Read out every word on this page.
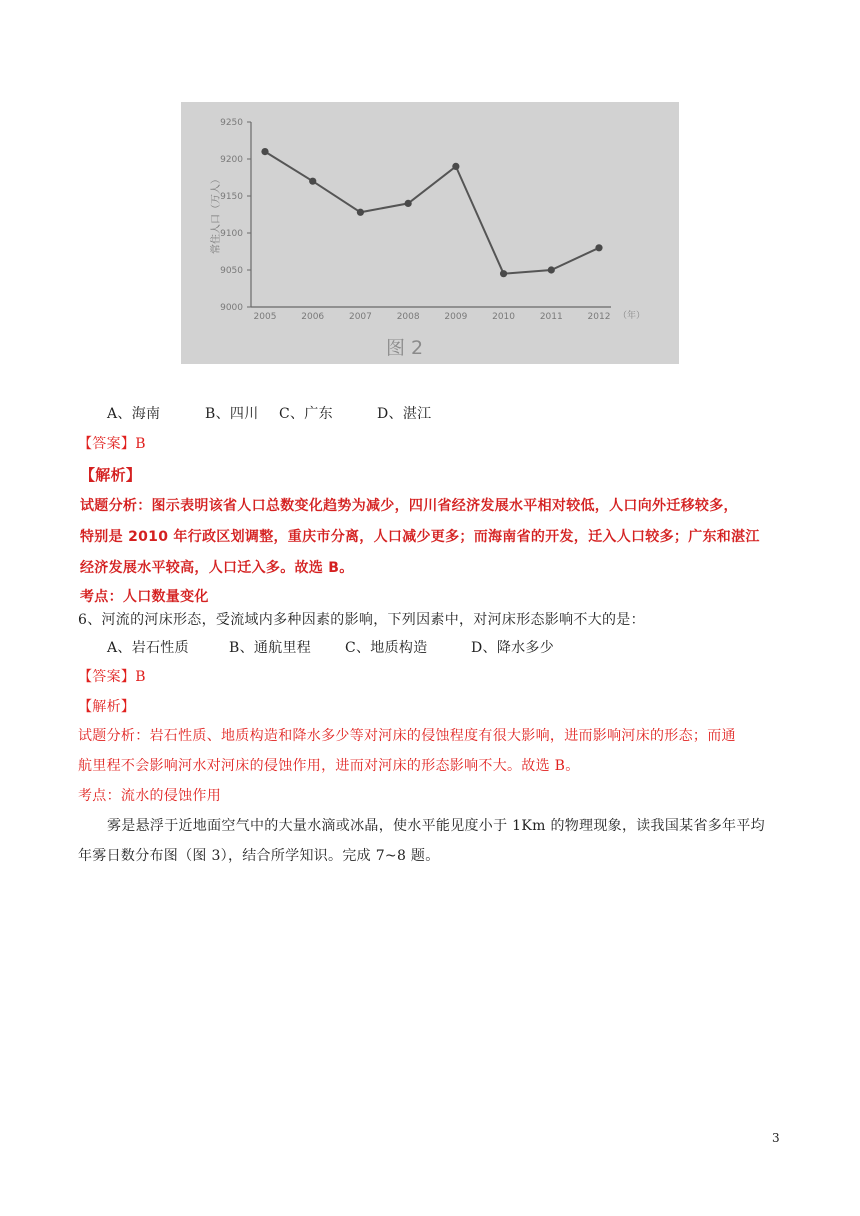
9250
9200
9150
9100
9050
9000
2005	2006	2007	2008	2009	2010	2011	2012
常住人口（万人）
（年）
图 2
A、海南	B、四川 C、广东	D、湛江
【答案】B
【解析】
试题分析：图示表明该省人口总数变化趋势为减少，四川省经济发展水平相对较低，人口向外迁移较多，
特别是 2010 年行政区划调整，重庆市分离，人口减少更多；而海南省的开发，迁入人口较多；广东和湛江
经济发展水平较高，人口迁入多。故选 B。
考点：人口数量变化
6、河流的河床形态，受流域内多种因素的影响，下列因素中，对河床形态影响不大的是：
A、岩石性质	B、通航里程 C、地质构造	D、降水多少
【答案】B
【解析】
试题分析：岩石性质、地质构造和降水多少等对河床的侵蚀程度有很大影响，进而影响河床的形态；而通
航里程不会影响河水对河床的侵蚀作用，进而对河床的形态影响不大。故选 B。
考点：流水的侵蚀作用
雾是悬浮于近地面空气中的大量水滴或冰晶，使水平能见度小于 1Km 的物理现象，读我国某省多年平均
年雾日数分布图（图 3），结合所学知识。完成 7~8 题。
3
